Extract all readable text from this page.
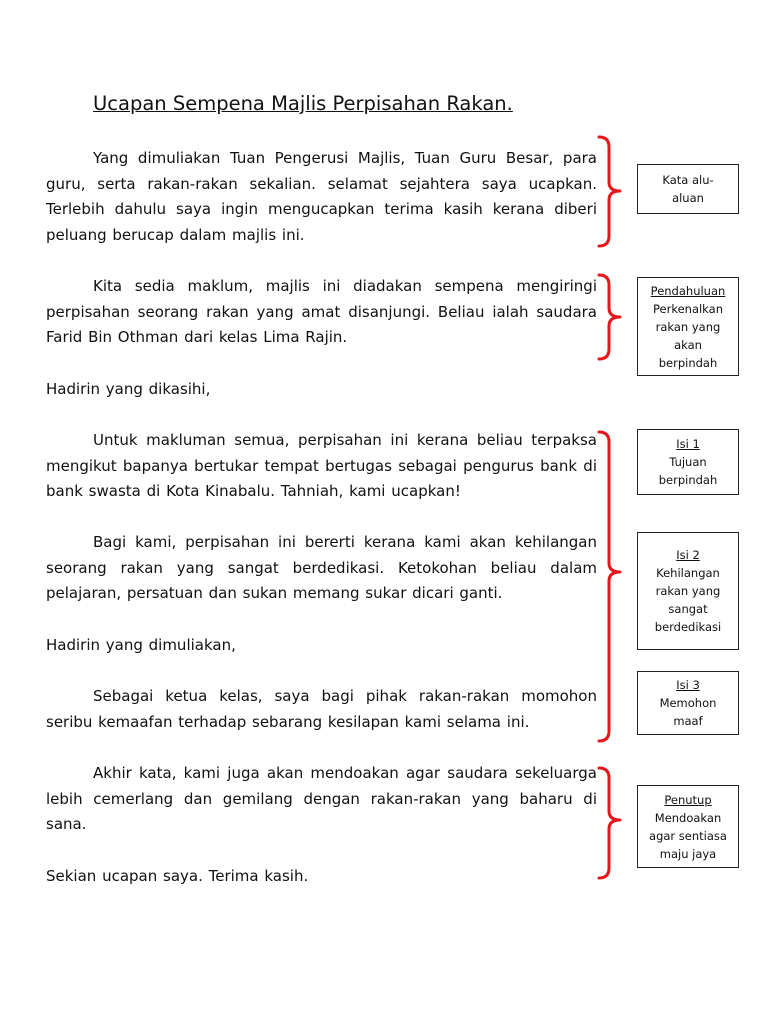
Ucapan Sempena Majlis Perpisahan Rakan.

Yang dimuliakan Tuan Pengerusi Majlis, Tuan Guru Besar, para guru, serta rakan-rakan sekalian. selamat sejahtera saya ucapkan. Terlebih dahulu saya ingin mengucapkan terima kasih kerana diberi peluang berucap dalam majlis ini.

Kita sedia maklum, majlis ini diadakan sempena mengiringi perpisahan seorang rakan yang amat disanjungi. Beliau ialah saudara Farid Bin Othman dari kelas Lima Rajin.

Hadirin yang dikasihi,

Untuk makluman semua, perpisahan ini kerana beliau terpaksa mengikut bapanya bertukar tempat bertugas sebagai pengurus bank di bank swasta di Kota Kinabalu. Tahniah, kami ucapkan!

Bagi kami, perpisahan ini bererti kerana kami akan kehilangan seorang rakan yang sangat berdedikasi. Ketokohan beliau dalam pelajaran, persatuan dan sukan memang sukar dicari ganti.

Hadirin yang dimuliakan,

Sebagai ketua kelas, saya bagi pihak rakan-rakan momohon seribu kemaafan terhadap sebarang kesilapan kami selama ini.

Akhir kata, kami juga akan mendoakan agar saudara sekeluarga lebih cemerlang dan gemilang dengan rakan-rakan yang baharu di sana.

Sekian ucapan saya. Terima kasih.

Kata alu-
aluan
Pendahuluan
Perkenalkan
rakan yang
akan
berpindah
Isi 1
Tujuan
berpindah
Isi 2
Kehilangan
rakan yang
sangat
berdedikasi
Isi 3
Memohon
maaf
Penutup
Mendoakan
agar sentiasa
maju jaya
